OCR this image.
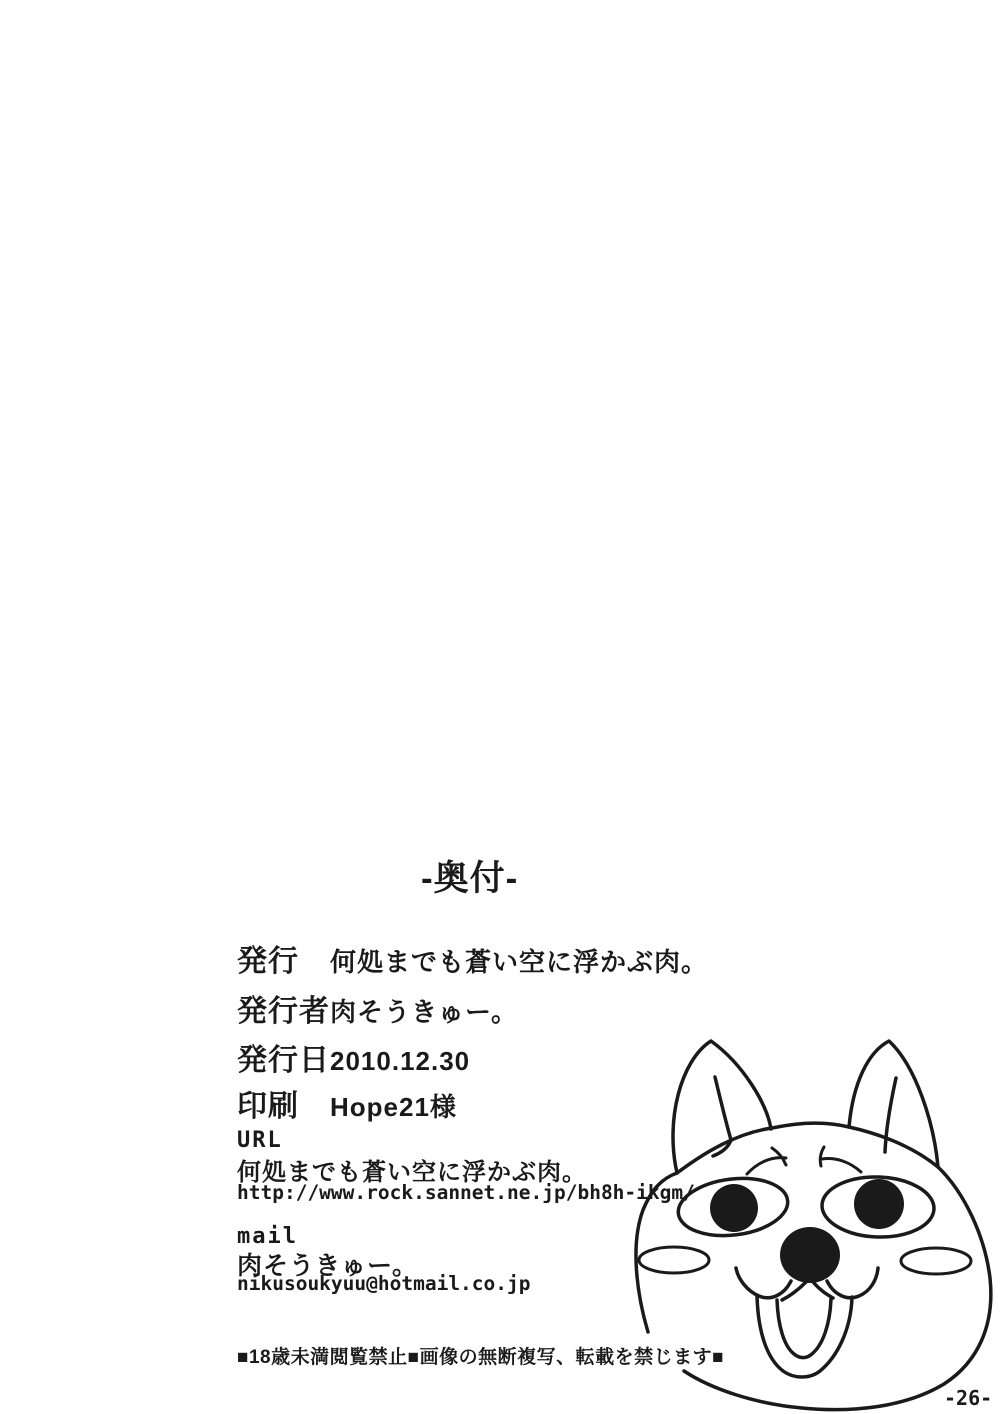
-奥付-
発行	何処までも蒼い空に浮かぶ肉。
発行者 肉そうきゅー。
発行日 2010.12.30
印刷	Hope21様
URL
何処までも蒼い空に浮かぶ肉。
http://www.rock.sannet.ne.jp/bh8h-ikgm/
mail
肉そうきゅー。
nikusoukyuu@hotmail.co.jp
■18歳未満閲覧禁止■画像の無断複写、転載を禁じます■
-26-
